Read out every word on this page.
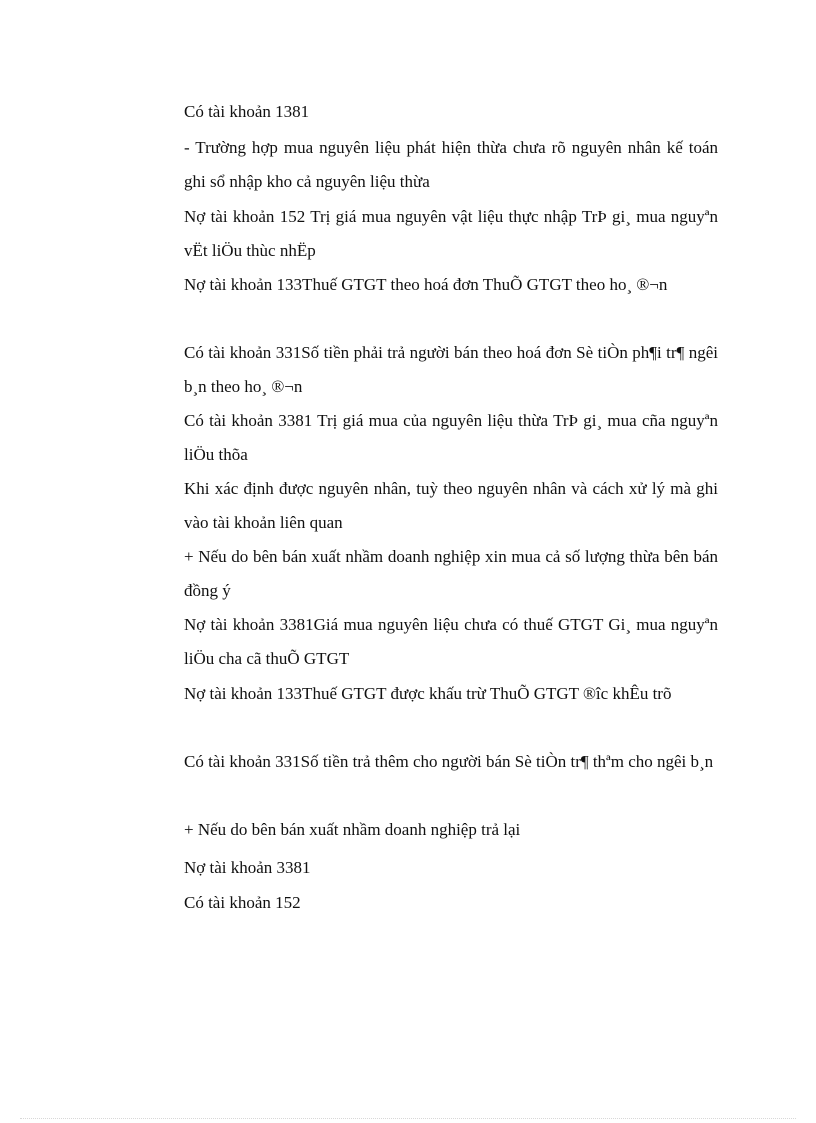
Có tài khoản 1381

- Trường hợp mua nguyên liệu phát hiện thừa chưa rõ nguyên nhân kế toán ghi sổ nhập kho cả nguyên liệu thừa

Nợ tài khoản 152 Trị giá mua nguyên vật liệu thực nhập TrÞ gi¸ mua nguyªn vËt liÖu thùc nhËp

Nợ tài khoản 133Thuế GTGT theo hoá đơn ThuÕ GTGT theo ho¸ ®¬n

Có tài khoản 331Số tiền phải trả người bán theo hoá đơn Sè tiÒn ph¶i tr¶ ngêi b¸n theo ho¸ ®¬n

Có tài khoản 3381 Trị giá mua của nguyên liệu thừa TrÞ gi¸ mua cña nguyªn liÖu thõa

Khi xác định được nguyên nhân, tuỳ theo nguyên nhân và cách xử lý mà ghi vào tài khoản liên quan

+ Nếu do bên bán xuất nhầm doanh nghiệp xin mua cả số lượng thừa bên bán đồng ý

Nợ tài khoản 3381Giá mua nguyên liệu chưa có thuế GTGT Gi¸ mua nguyªn liÖu cha cã thuÕ GTGT

Nợ tài khoản 133Thuế GTGT được khấu trừ ThuÕ GTGT ®îc khÊu trõ

Có tài khoản 331Số tiền trả thêm cho người bán Sè tiÒn tr¶ thªm cho ngêi b¸n

+ Nếu do bên bán xuất nhầm doanh nghiệp trả lại

Nợ tài khoản 3381

Có tài khoản 152
